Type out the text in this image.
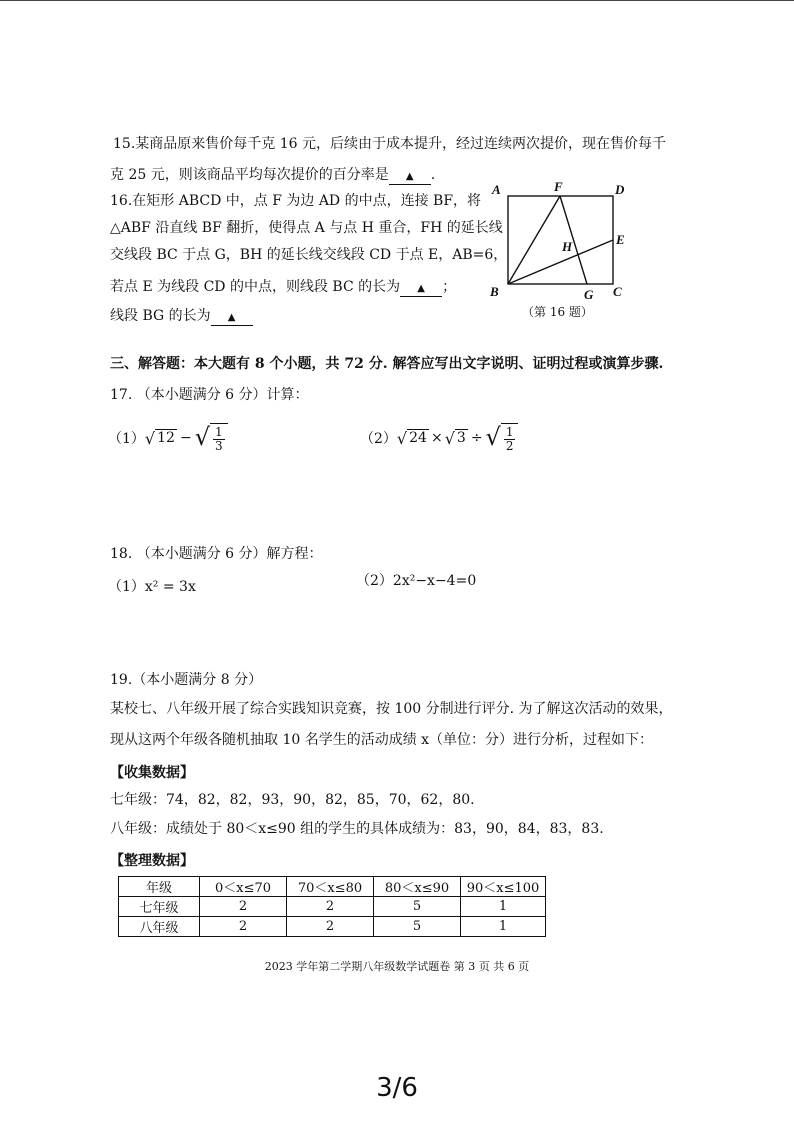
15.某商品原来售价每千克 16 元，后续由于成本提升，经过连续两次提价，现在售价每千
克 25 元，则该商品平均每次提价的百分率是 ▲ .
16.在矩形 ABCD 中，点 F 为边 AD 的中点，连接 BF，将
△ABF 沿直线 BF 翻折，使得点 A 与点 H 重合，FH 的延长线
交线段 BC 于点 G，BH 的延长线交线段 CD 于点 E，AB=6，
若点 E 为线段 CD 的中点，则线段 BC 的长为 ▲ ；
线段 BG 的长为 ▲
A	F	D
E
H
B	G C
（第 16 题）
三、解答题：本大题有 8 个小题，共 72 分. 解答应写出文字说明、证明过程或演算步骤.
17. （本小题满分 6 分）计算：
（1） √ 12 − √ $\frac{1}{3}$	（2） √ 24 × √ 3 ÷ √ $\frac{1}{2}$
18. （本小题满分 6 分）解方程：
（1）x² = 3x	（2）2x²−x−4=0
19.（本小题满分 8 分）
某校七、八年级开展了综合实践知识竞赛，按 100 分制进行评分. 为了解这次活动的效果，
现从这两个年级各随机抽取 10 名学生的活动成绩 x（单位：分）进行分析，过程如下：
【收集数据】
七年级：74，82，82，93，90，82，85，70，62，80.
八年级：成绩处于 80＜x≤90 组的学生的具体成绩为：83，90，84，83，83.
【整理数据】
年级	0＜x≤70	70＜x≤80	80＜x≤90	90＜x≤100
七年级	2	2	5	1
八年级	2	2	5	1
2023 学年第二学期八年级数学试题卷 第 3 页 共 6 页
3/6
